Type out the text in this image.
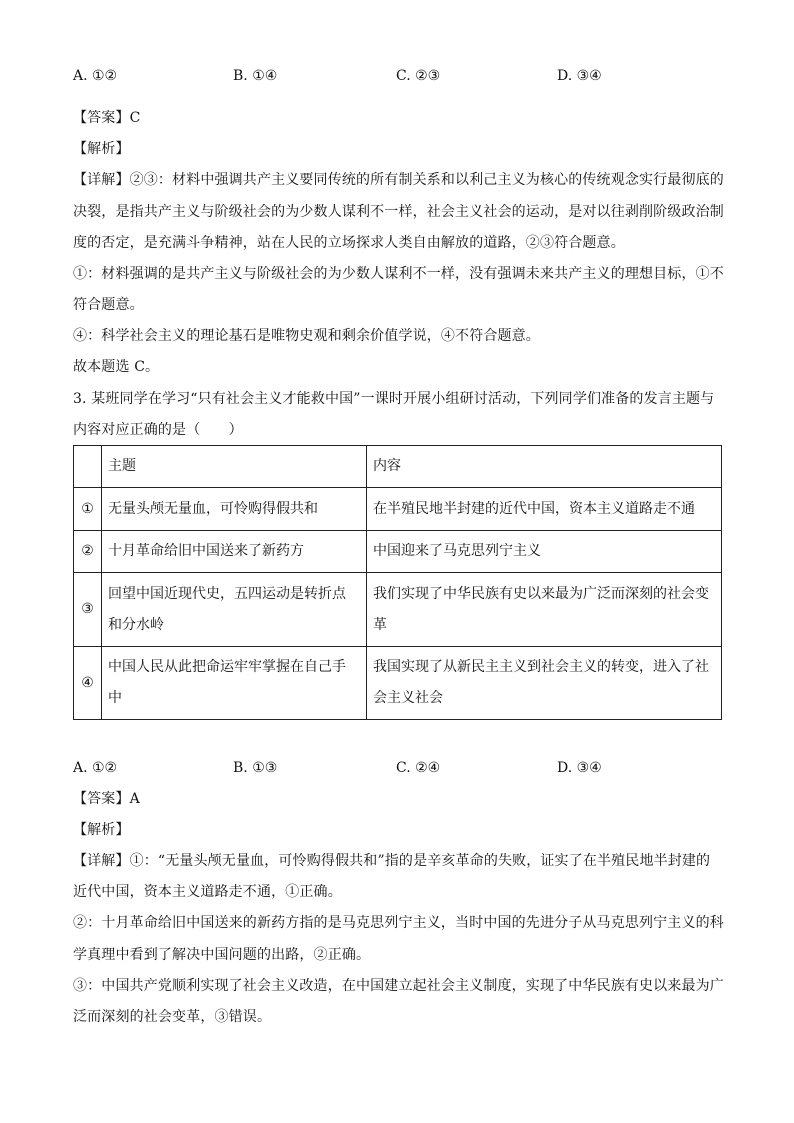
A. ①②	B. ①④	C. ②③	D. ③④
【答案】C
【解析】
【详解】②③：材料中强调共产主义要同传统的所有制关系和以利己主义为核心的传统观念实行最彻底的
决裂，是指共产主义与阶级社会的为少数人谋利不一样，社会主义社会的运动，是对以往剥削阶级政治制
度的否定，是充满斗争精神，站在人民的立场探求人类自由解放的道路，②③符合题意。
①：材料强调的是共产主义与阶级社会的为少数人谋利不一样，没有强调未来共产主义的理想目标，①不
符合题意。
④：科学社会主义的理论基石是唯物史观和剩余价值学说，④不符合题意。
故本题选 C。
3. 某班同学在学习“只有社会主义才能救中国”一课时开展小组研讨活动，下列同学们准备的发言主题与
内容对应正确的是（　　）
	主题	内容
①	无量头颅无量血，可怜购得假共和	在半殖民地半封建的近代中国，资本主义道路走不通

②	十月革命给旧中国送来了新药方	中国迎来了马克思列宁主义

③	回望中国近现代史，五四运动是转折点
和分水岭	我们实现了中华民族有史以来最为广泛而深刻的社会变
革

④	中国人民从此把命运牢牢掌握在自己手
中	我国实现了从新民主主义到社会主义的转变，进入了社
会主义社会
A. ①②	B. ①③	C. ②④	D. ③④
【答案】A
【解析】
【详解】①：“无量头颅无量血，可怜购得假共和”指的是辛亥革命的失败，证实了在半殖民地半封建的
近代中国，资本主义道路走不通，①正确。
②：十月革命给旧中国送来的新药方指的是马克思列宁主义，当时中国的先进分子从马克思列宁主义的科
学真理中看到了解决中国问题的出路，②正确。
③：中国共产党顺利实现了社会主义改造，在中国建立起社会主义制度，实现了中华民族有史以来最为广
泛而深刻的社会变革，③错误。
